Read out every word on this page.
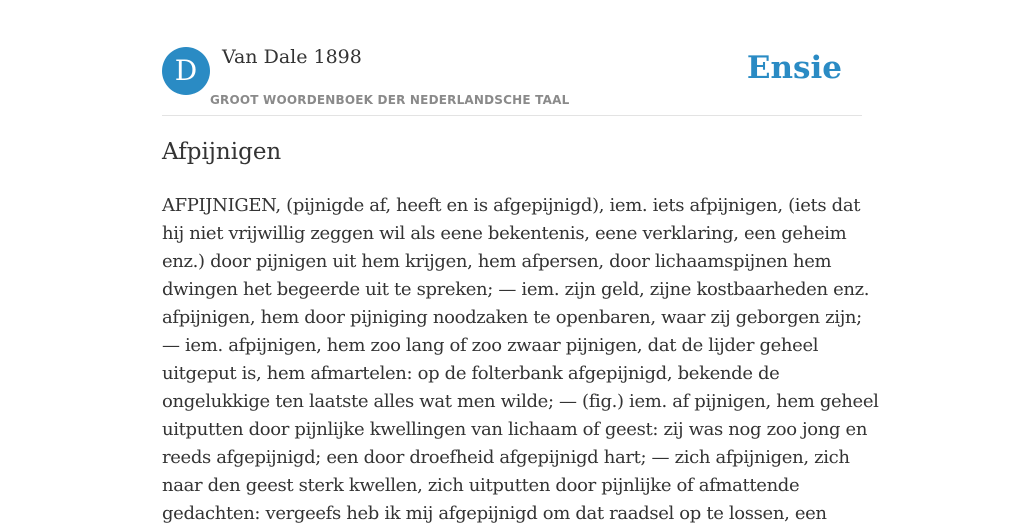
D	Van Dale 1898
GROOT WOORDENBOEK DER NEDERLANDSCHE TAAL
Ensie
Afpijnigen
AFPIJNIGEN, (pijnigde af, heeft en is afgepijnigd), iem. iets afpijnigen, (iets dat
hij niet vrijwillig zeggen wil als eene bekentenis, eene verklaring, een geheim
enz.) door pijnigen uit hem krijgen, hem afpersen, door lichaamspijnen hem
dwingen het begeerde uit te spreken; — iem. zijn geld, zijne kostbaarheden enz.
afpijnigen, hem door pijniging noodzaken te openbaren, waar zij geborgen zijn;
— iem. afpijnigen, hem zoo lang of zoo zwaar pijnigen, dat de lijder geheel
uitgeput is, hem afmartelen: op de folterbank afgepijnigd, bekende de
ongelukkige ten laatste alles wat men wilde; — (fig.) iem. af pijnigen, hem geheel
uitputten door pijnlijke kwellingen van lichaam of geest: zij was nog zoo jong en
reeds afgepijnigd; een door droefheid afgepijnigd hart; — zich afpijnigen, zich
naar den geest sterk kwellen, zich uitputten door pijnlijke of afmattende
gedachten: vergeefs heb ik mij afgepijnigd om dat raadsel op te lossen, een
